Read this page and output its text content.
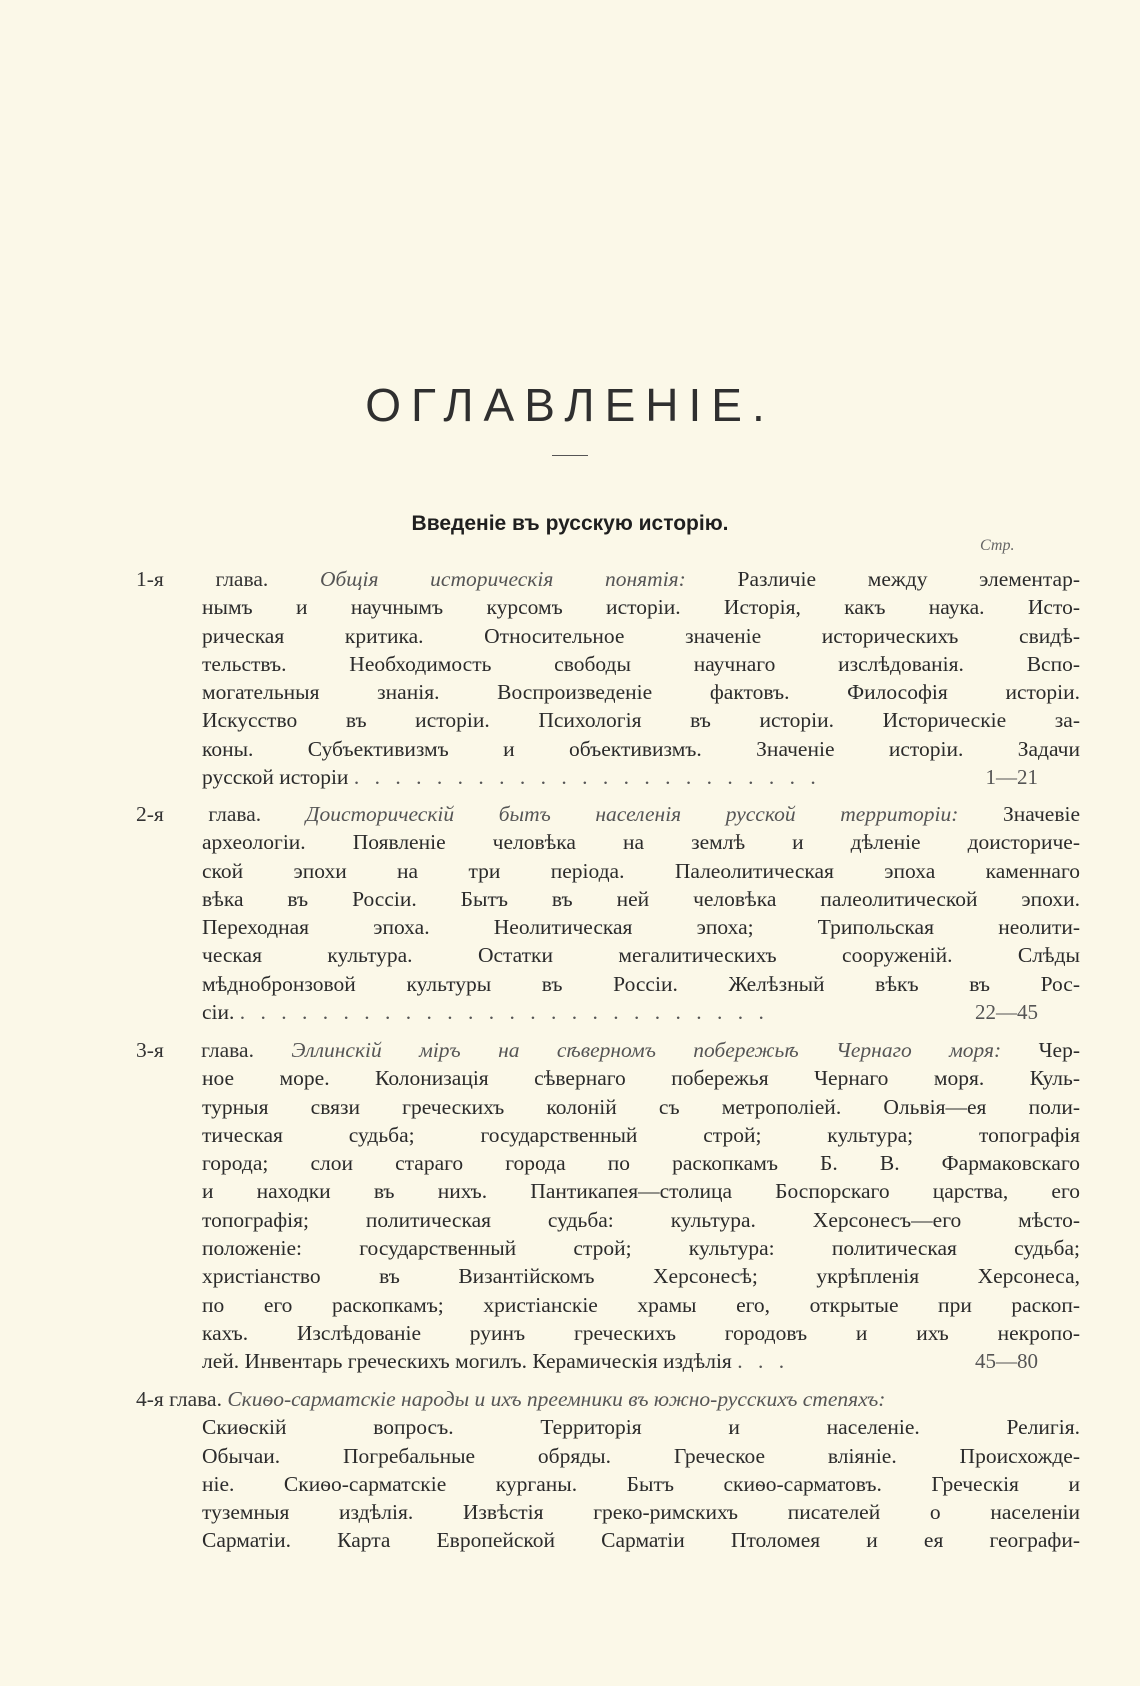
ОГЛАВЛЕНІЕ.
Введеніе въ русскую исторію.
Стр.
1-я глава. Общія историческія понятія: Различіе между элементар-
нымъ и научнымъ курсомъ исторіи. Исторія, какъ наука. Исто-
рическая критика. Относительное значеніе историческихъ свидѣ-
тельствъ. Необходимость свободы научнаго изслѣдованія. Вспо-
могательныя знанія. Воспроизведеніе фактовъ. Философія исторіи.
Искусство въ исторіи. Психологія въ исторіи. Историческіе за-
коны. Субъективизмъ и объективизмъ. Значеніе исторіи. Задачи
русской исторіи . . . . . . . . . . . . . . . . . . . . . . .	1—21
2-я глава. Доисторическій бытъ населенія русской территоріи: Значевіе
археологіи. Появленіе человѣка на землѣ и дѣленіе доисториче-
ской эпохи на три періода. Палеолитическая эпоха каменнаго
вѣка въ Россіи. Бытъ въ ней человѣка палеолитической эпохи.
Переходная эпоха. Неолитическая эпоха; Трипольская неолити-
ческая культура. Остатки мегалитическихъ сооруженій. Слѣды
мѣднобронзовой культуры въ Россіи. Желѣзный вѣкъ въ Рос-
сіи. . . . . . . . . . . . . . . . . . . . . . . . . . .	22—45
3-я глава. Эллинскій міръ на сѣверномъ побережьѣ Чернаго моря: Чер-
ное море. Колонизація сѣвернаго побережья Чернаго моря. Куль-
турныя связи греческихъ колоній съ метрополіей. Ольвія—ея поли-
тическая судьба; государственный строй; культура; топографія
города; слои стараго города по раскопкамъ Б. В. Фармаковскаго
и находки въ нихъ. Пантикапея—столица Боспорскаго царства, его
топографія; политическая судьба: культура. Херсонесъ—его мѣсто-
положеніе: государственный строй; культура: политическая судьба;
христіанство въ Византійскомъ Херсонесѣ; укрѣпленія Херсонеса,
по его раскопкамъ; христіанскіе храмы его, открытые при раскоп-
кахъ. Изслѣдованіе руинъ греческихъ городовъ и ихъ некропо-
лей. Инвентарь греческихъ могилъ. Керамическія издѣлія . . .	45—80
4-я глава. Скиѳо-сарматскіе народы и ихъ преемники въ южно-русскихъ степяхъ:
Скиѳскій вопросъ. Территорія и населеніе. Религія.
Обычаи. Погребальные обряды. Греческое вліяніе. Происхожде-
ніе. Скиѳо-сарматскіе курганы. Бытъ скиѳо-сарматовъ. Греческія и
туземныя издѣлія. Извѣстія греко-римскихъ писателей о населеніи
Сарматіи. Карта Европейской Сарматіи Птоломея и ея географи-
